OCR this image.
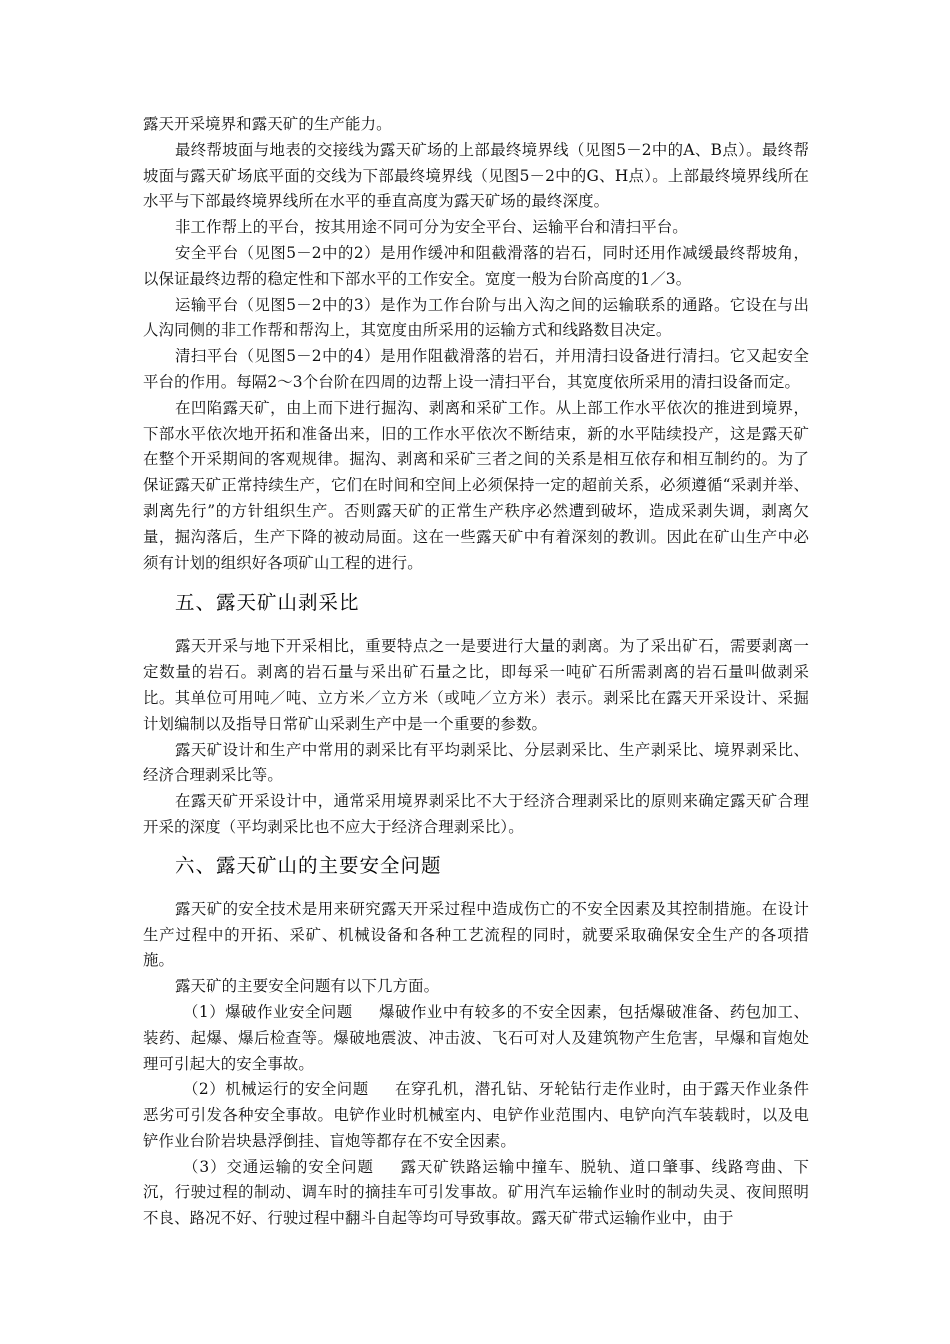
露天开采境界和露天矿的生产能力。

最终帮坡面与地表的交接线为露天矿场的上部最终境界线（见图5－2中的A、B点）。最终帮坡面与露天矿场底平面的交线为下部最终境界线（见图5－2中的G、H点）。上部最终境界线所在水平与下部最终境界线所在水平的垂直高度为露天矿场的最终深度。

非工作帮上的平台，按其用途不同可分为安全平台、运输平台和清扫平台。

安全平台（见图5－2中的2）是用作缓冲和阻截滑落的岩石，同时还用作减缓最终帮坡角，以保证最终边帮的稳定性和下部水平的工作安全。宽度一般为台阶高度的1／3。

运输平台（见图5－2中的3）是作为工作台阶与出入沟之间的运输联系的通路。它设在与出人沟同侧的非工作帮和帮沟上，其宽度由所采用的运输方式和线路数目决定。

清扫平台（见图5－2中的4）是用作阻截滑落的岩石，并用清扫设备进行清扫。它又起安全平台的作用。每隔2～3个台阶在四周的边帮上设一清扫平台，其宽度依所采用的清扫设备而定。

在凹陷露天矿，由上而下进行掘沟、剥离和采矿工作。从上部工作水平依次的推进到境界，下部水平依次地开拓和准备出来，旧的工作水平依次不断结束，新的水平陆续投产，这是露天矿在整个开采期间的客观规律。掘沟、剥离和采矿三者之间的关系是相互依存和相互制约的。为了保证露天矿正常持续生产，它们在时间和空间上必须保持一定的超前关系，必须遵循“采剥并举、剥离先行”的方针组织生产。否则露天矿的正常生产秩序必然遭到破坏，造成采剥失调，剥离欠量，掘沟落后，生产下降的被动局面。这在一些露天矿中有着深刻的教训。因此在矿山生产中必须有计划的组织好各项矿山工程的进行。

五、露天矿山剥采比

露天开采与地下开采相比，重要特点之一是要进行大量的剥离。为了采出矿石，需要剥离一定数量的岩石。剥离的岩石量与采出矿石量之比，即每采一吨矿石所需剥离的岩石量叫做剥采比。其单位可用吨／吨、立方米／立方米（或吨／立方米）表示。剥采比在露天开采设计、采掘计划编制以及指导日常矿山采剥生产中是一个重要的参数。

露天矿设计和生产中常用的剥采比有平均剥采比、分层剥采比、生产剥采比、境界剥采比、经济合理剥采比等。

在露天矿开采设计中，通常采用境界剥采比不大于经济合理剥采比的原则来确定露天矿合理开采的深度（平均剥采比也不应大于经济合理剥采比）。

六、露天矿山的主要安全问题

露天矿的安全技术是用来研究露天开采过程中造成伤亡的不安全因素及其控制措施。在设计生产过程中的开拓、采矿、机械设备和各种工艺流程的同时，就要采取确保安全生产的各项措施。

露天矿的主要安全问题有以下几方面。

（1）爆破作业安全问题 爆破作业中有较多的不安全因素，包括爆破准备、药包加工、装药、起爆、爆后检查等。爆破地震波、冲击波、飞石可对人及建筑物产生危害，早爆和盲炮处理可引起大的安全事故。

（2）机械运行的安全问题 在穿孔机，潜孔钻、牙轮钻行走作业时，由于露天作业条件恶劣可引发各种安全事故。电铲作业时机械室内、电铲作业范围内、电铲向汽车装载时，以及电铲作业台阶岩块悬浮倒挂、盲炮等都存在不安全因素。

（3）交通运输的安全问题 露天矿铁路运输中撞车、脱轨、道口肇事、线路弯曲、下沉，行驶过程的制动、调车时的摘挂车可引发事故。矿用汽车运输作业时的制动失灵、夜间照明不良、路况不好、行驶过程中翻斗自起等均可导致事故。露天矿带式运输作业中，由于
